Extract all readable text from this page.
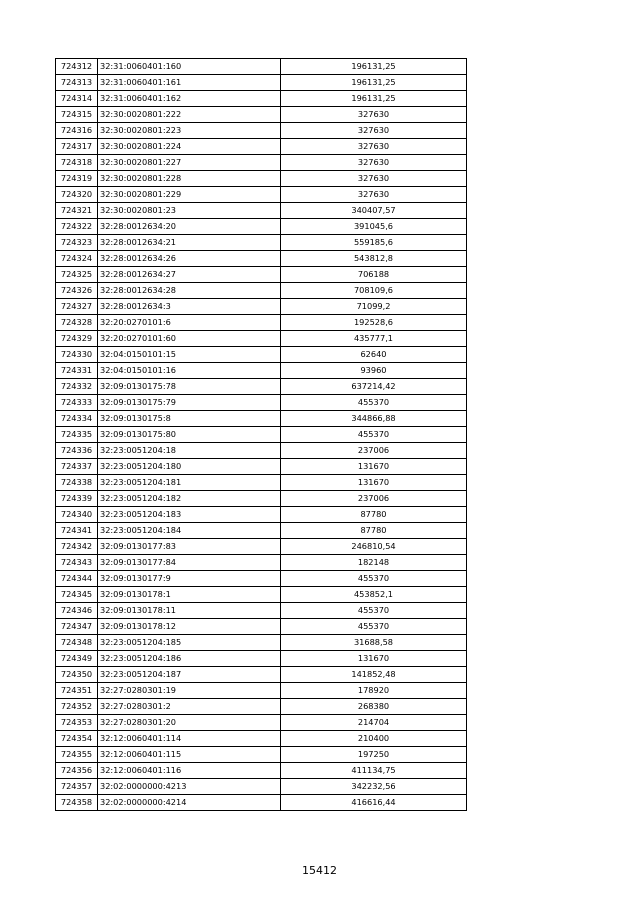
724312	32:31:0060401:160	196131,25
724313	32:31:0060401:161	196131,25
724314	32:31:0060401:162	196131,25
724315	32:30:0020801:222	327630
724316	32:30:0020801:223	327630
724317	32:30:0020801:224	327630
724318	32:30:0020801:227	327630
724319	32:30:0020801:228	327630
724320	32:30:0020801:229	327630
724321	32:30:0020801:23	340407,57
724322	32:28:0012634:20	391045,6
724323	32:28:0012634:21	559185,6
724324	32:28:0012634:26	543812,8
724325	32:28:0012634:27	706188
724326	32:28:0012634:28	708109,6
724327	32:28:0012634:3	71099,2
724328	32:20:0270101:6	192528,6
724329	32:20:0270101:60	435777,1
724330	32:04:0150101:15	62640
724331	32:04:0150101:16	93960
724332	32:09:0130175:78	637214,42
724333	32:09:0130175:79	455370
724334	32:09:0130175:8	344866,88
724335	32:09:0130175:80	455370
724336	32:23:0051204:18	237006
724337	32:23:0051204:180	131670
724338	32:23:0051204:181	131670
724339	32:23:0051204:182	237006
724340	32:23:0051204:183	87780
724341	32:23:0051204:184	87780
724342	32:09:0130177:83	246810,54
724343	32:09:0130177:84	182148
724344	32:09:0130177:9	455370
724345	32:09:0130178:1	453852,1
724346	32:09:0130178:11	455370
724347	32:09:0130178:12	455370
724348	32:23:0051204:185	31688,58
724349	32:23:0051204:186	131670
724350	32:23:0051204:187	141852,48
724351	32:27:0280301:19	178920
724352	32:27:0280301:2	268380
724353	32:27:0280301:20	214704
724354	32:12:0060401:114	210400
724355	32:12:0060401:115	197250
724356	32:12:0060401:116	411134,75
724357	32:02:0000000:4213	342232,56
724358	32:02:0000000:4214	416616,44
15412
